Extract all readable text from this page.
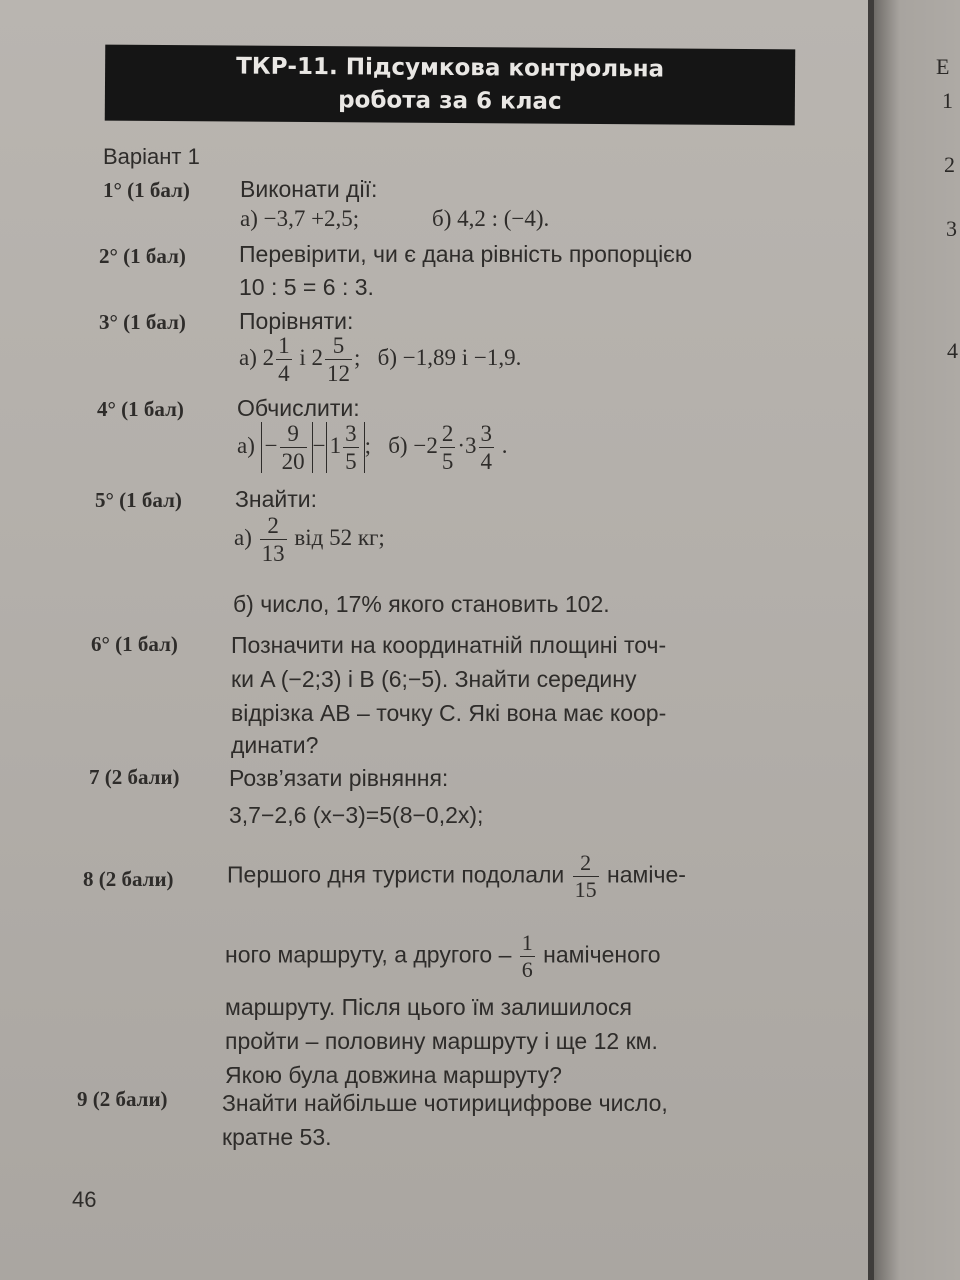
ТКР-11. Підсумкова контрольна
робота за 6 клас
Варіант 1
1° (1 бал) Виконати дії:
а) −3,7 +2,5;	б) 4,2 : (−4).
2° (1 бал) Перевірити, чи є дана рівність пропорцією
10 : 5 = 6 : 3.
3° (1 бал) Порівняти:
а) $2 \frac{1}{4}$ і $2 \frac{5}{12}$ ; б) −1,89 і −1,9.
4° (1 бал) Обчислити:
$а) - \frac{9}{20} - 1 \frac{3}{5}$ ; $б) -2 \frac{2}{5} \cdot 3 \frac{3}{4}$ .
5° (1 бал) Знайти:
$а) \frac{2}{13}$ від 52 кг;
б) число, 17% якого становить 102.
6° (1 бал) Позначити на координатній площині точ-
ки A (−2;3) і B (6;−5). Знайти середину
відрізка AB – точку C. Які вона має коор-
динати?
7 (2 бали) Розв’язати рівняння:
3,7−2,6 (x−3)=5(8−0,2x);
8 (2 бали) Першого дня туристи подолали $\frac{2}{15}$ наміче-
ного маршруту, а другого – $\frac{1}{6}$ наміченого
маршруту. Після цього їм залишилося
пройти – половину маршруту і ще 12 км.
Якою була довжина маршруту?
9 (2 бали) Знайти найбільше чотирицифрове число,
кратне 53.
46
Е
1
2
3
4
